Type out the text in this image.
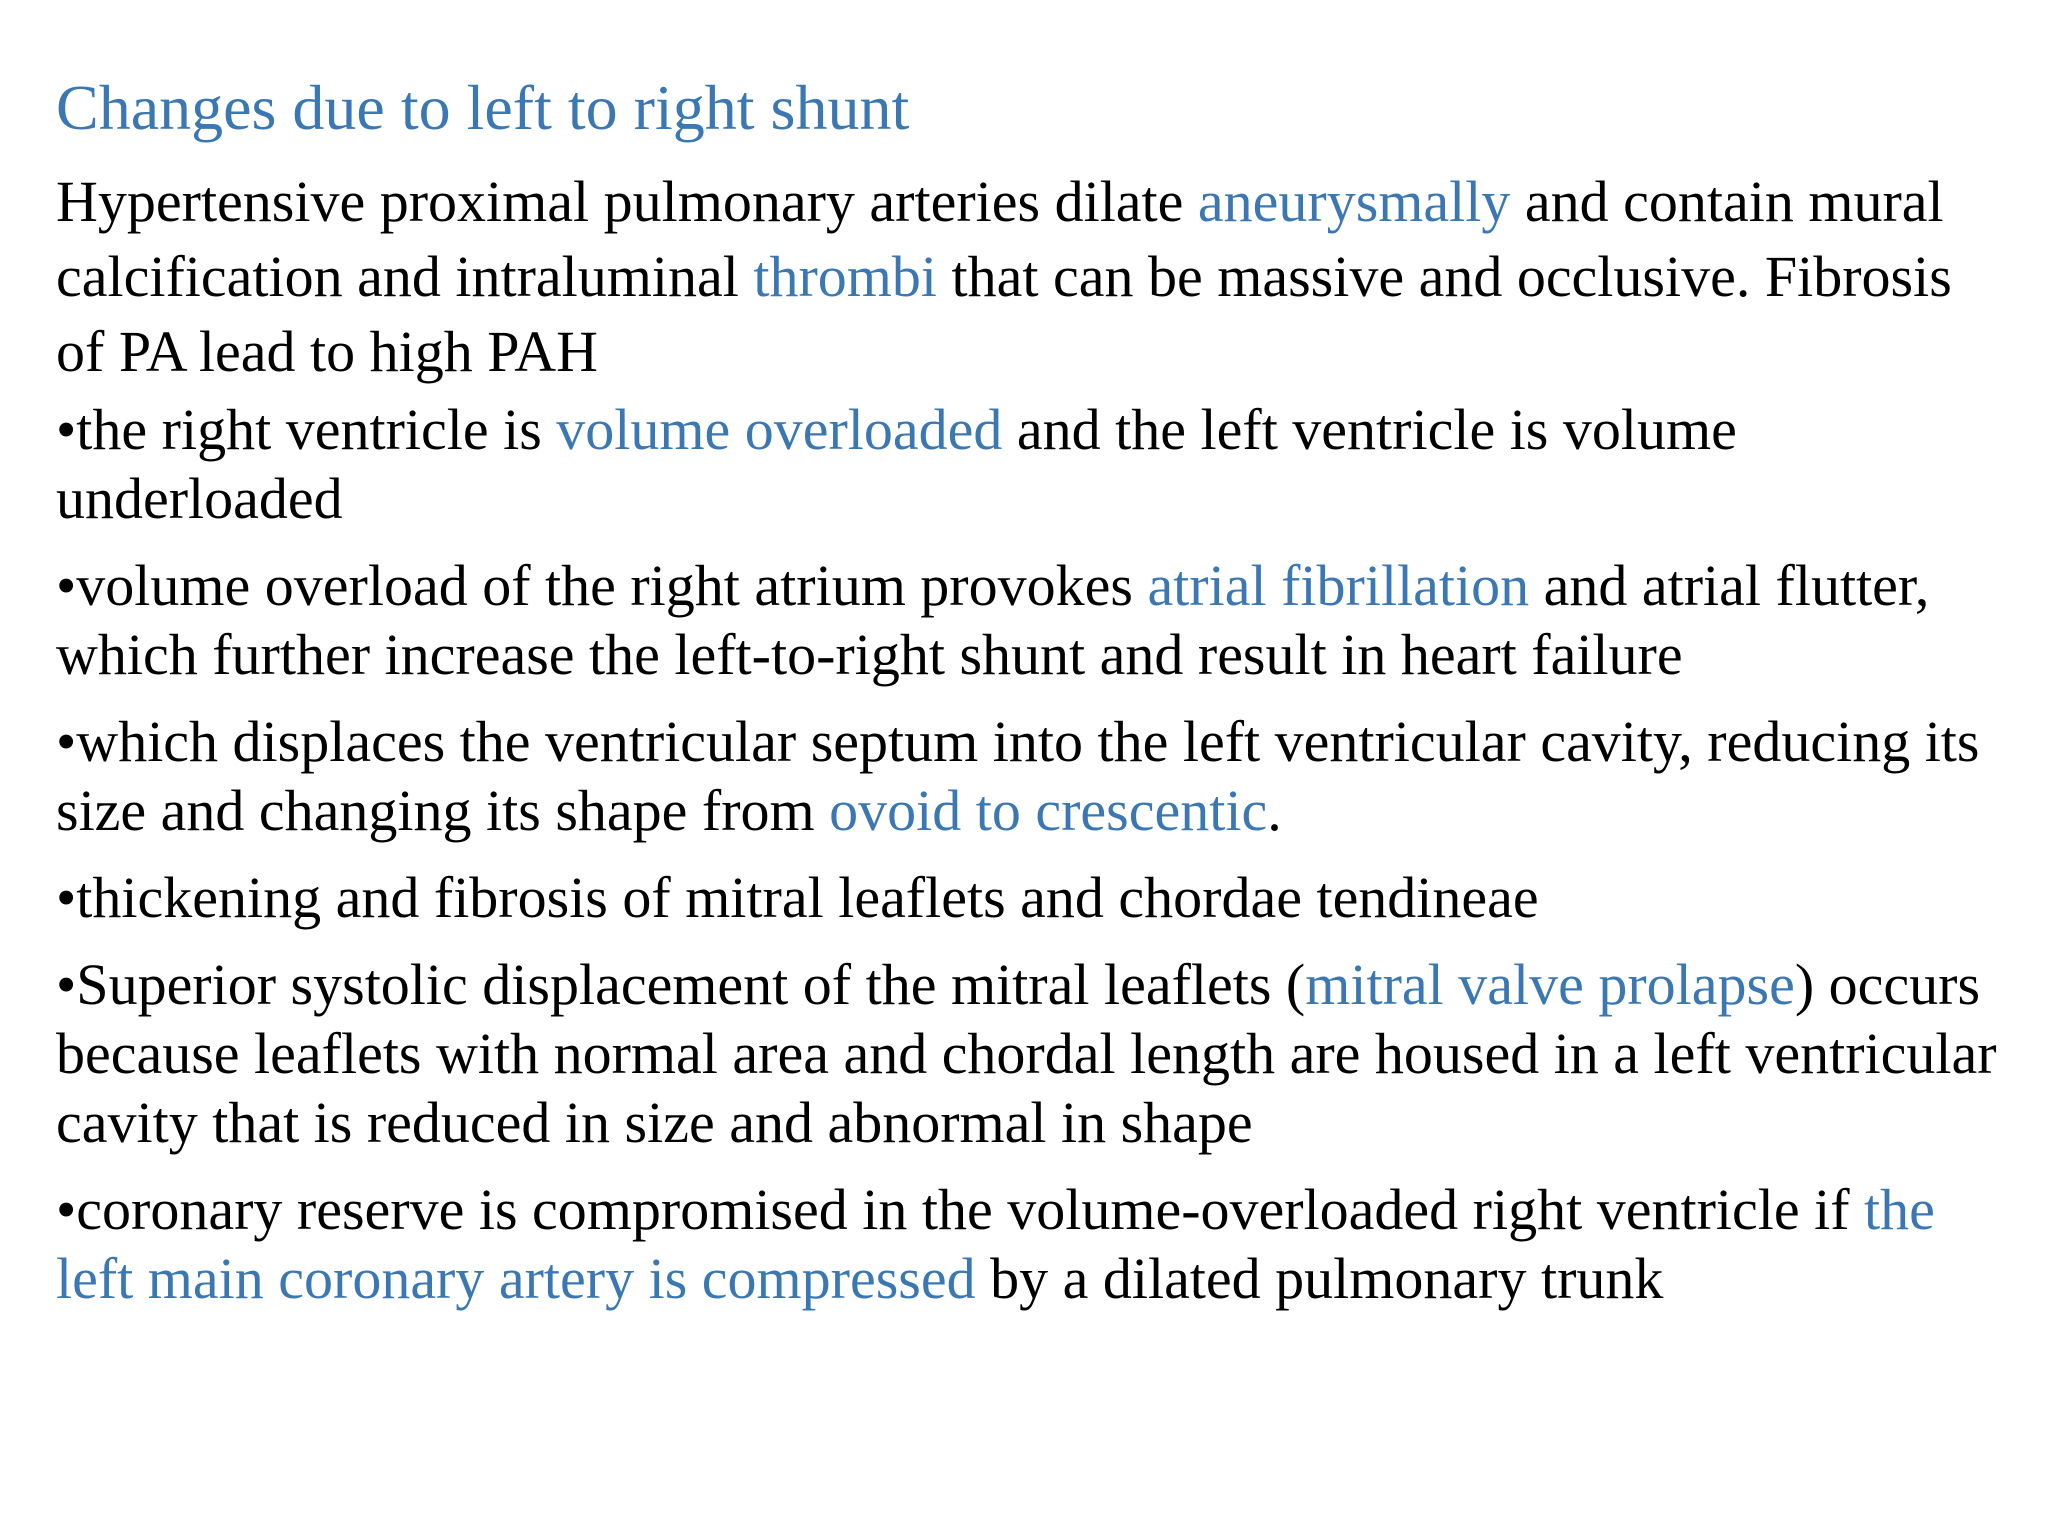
Changes due to left to right shunt

Hypertensive proximal pulmonary arteries dilate aneurysmally and contain mural calcification and intraluminal thrombi that can be massive and occlusive. Fibrosis of PA lead to high PAH

•the right ventricle is volume overloaded and the left ventricle is volume underloaded

•volume overload of the right atrium provokes atrial fibrillation and atrial flutter, which further increase the left-to-right shunt and result in heart failure

•which displaces the ventricular septum into the left ventricular cavity, reducing its size and changing its shape from ovoid to crescentic.

•thickening and fibrosis of mitral leaflets and chordae tendineae

•Superior systolic displacement of the mitral leaflets (mitral valve prolapse) occurs because leaflets with normal area and chordal length are housed in a left ventricular cavity that is reduced in size and abnormal in shape

•coronary reserve is compromised in the volume-overloaded right ventricle if the left main coronary artery is compressed by a dilated pulmonary trunk
